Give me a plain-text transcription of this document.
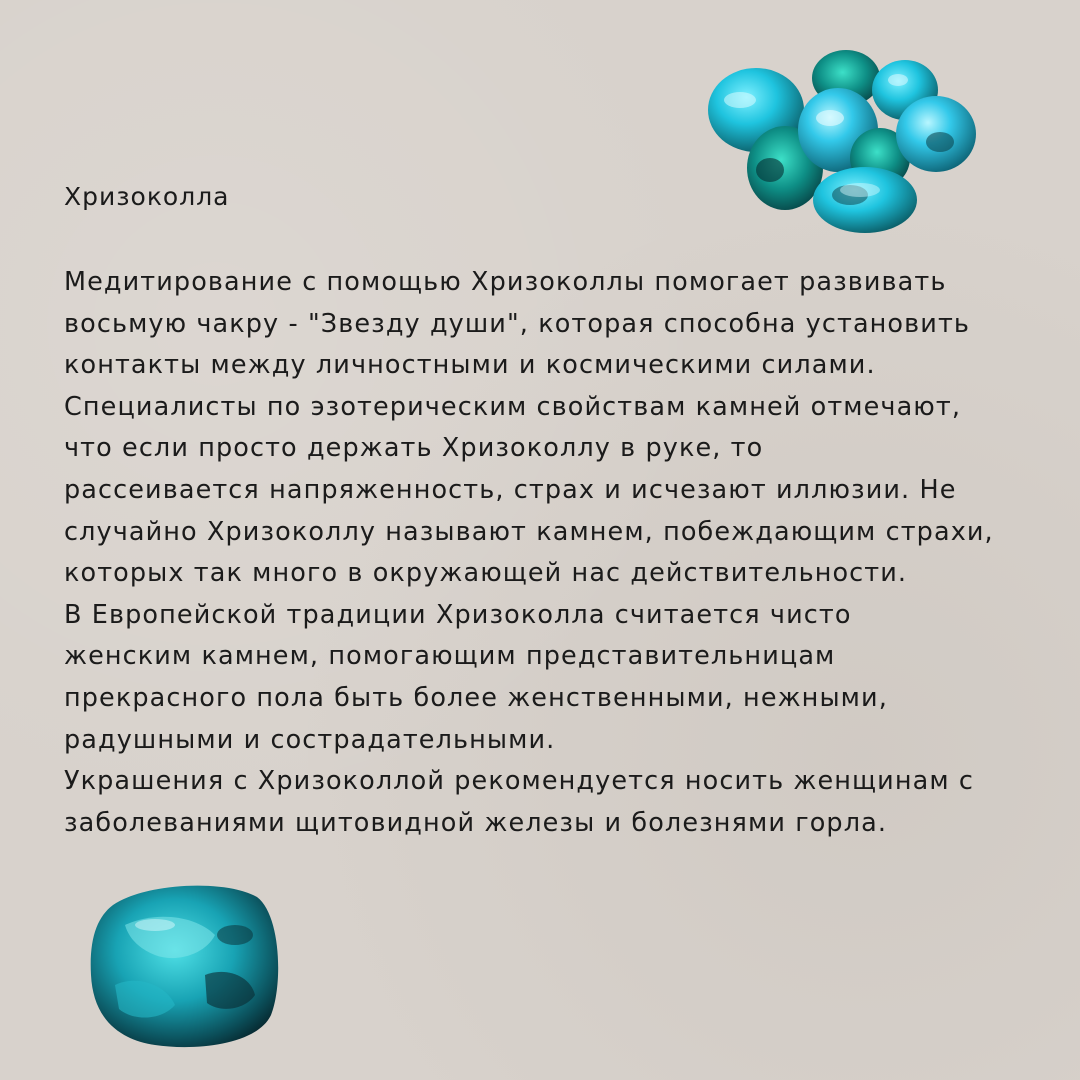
Хризоколла

Медитирование с помощью Хризоколлы помогает развивать

восьмую чакру - "Звезду души", которая способна установить

контакты между личностными и космическими силами.

Специалисты по эзотерическим свойствам камней отмечают,

что если просто держать Хризоколлу в руке, то

рассеивается напряженность, страх и исчезают иллюзии. Не

случайно Хризоколлу называют камнем, побеждающим страхи,

которых так много в окружающей нас действительности.

В Европейской традиции Хризоколла считается чисто

женским камнем, помогающим представительницам

прекрасного пола быть более женственными, нежными,

радушными и сострадательными.

Украшения с Хризоколлой рекомендуется носить женщинам с

заболеваниями щитовидной железы и болезнями горла.
